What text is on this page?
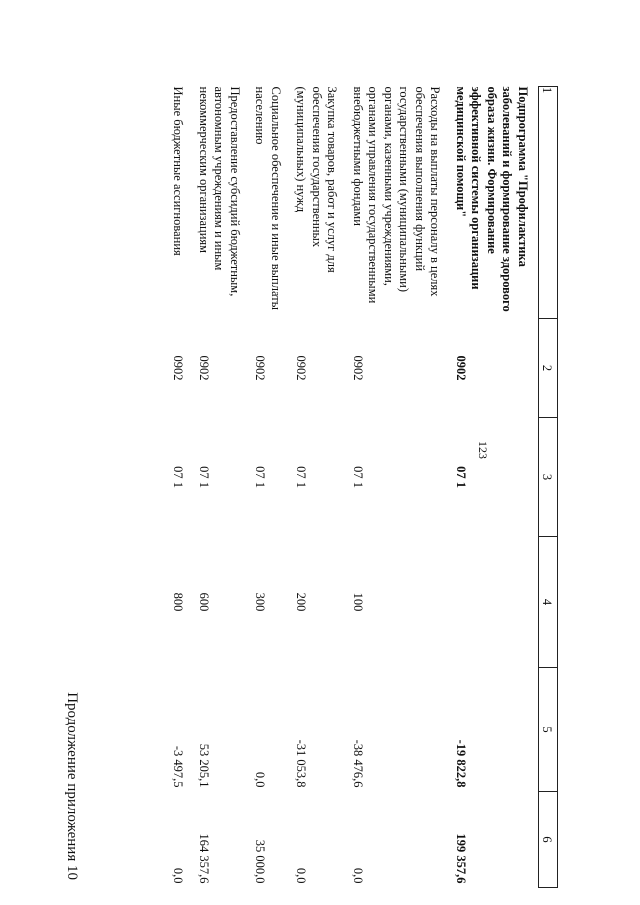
123
Продолжение приложения 10
1	2	3	4	5	6
Подпрограмма "Профилактика заболеваний и формирование здорового образа жизни. Формирование эффективной системы организации медицинской помощи"	0902	07 1		-19 822,8	199 357,6
Расходы на выплаты персоналу в целях обеспечения выполнения функций государственными (муниципальными) органами, казенными учреждениями, органами управления государственными внебюджетными фондами	0902	07 1	100	-38 476,6	0,0
Закупка товаров, работ и услуг для обеспечения государственных (муниципальных) нужд	0902	07 1	200	-31 053,8	0,0
Социальное обеспечение и иные выплаты населению	0902	07 1	300	0,0	35 000,0
Предоставление субсидий бюджетным, автономным учреждениям и иным некоммерческим организациям	0902	07 1	600	53 205,1	164 357,6
Иные бюджетные ассигнования	0902	07 1	800	-3 497,5	0,0
